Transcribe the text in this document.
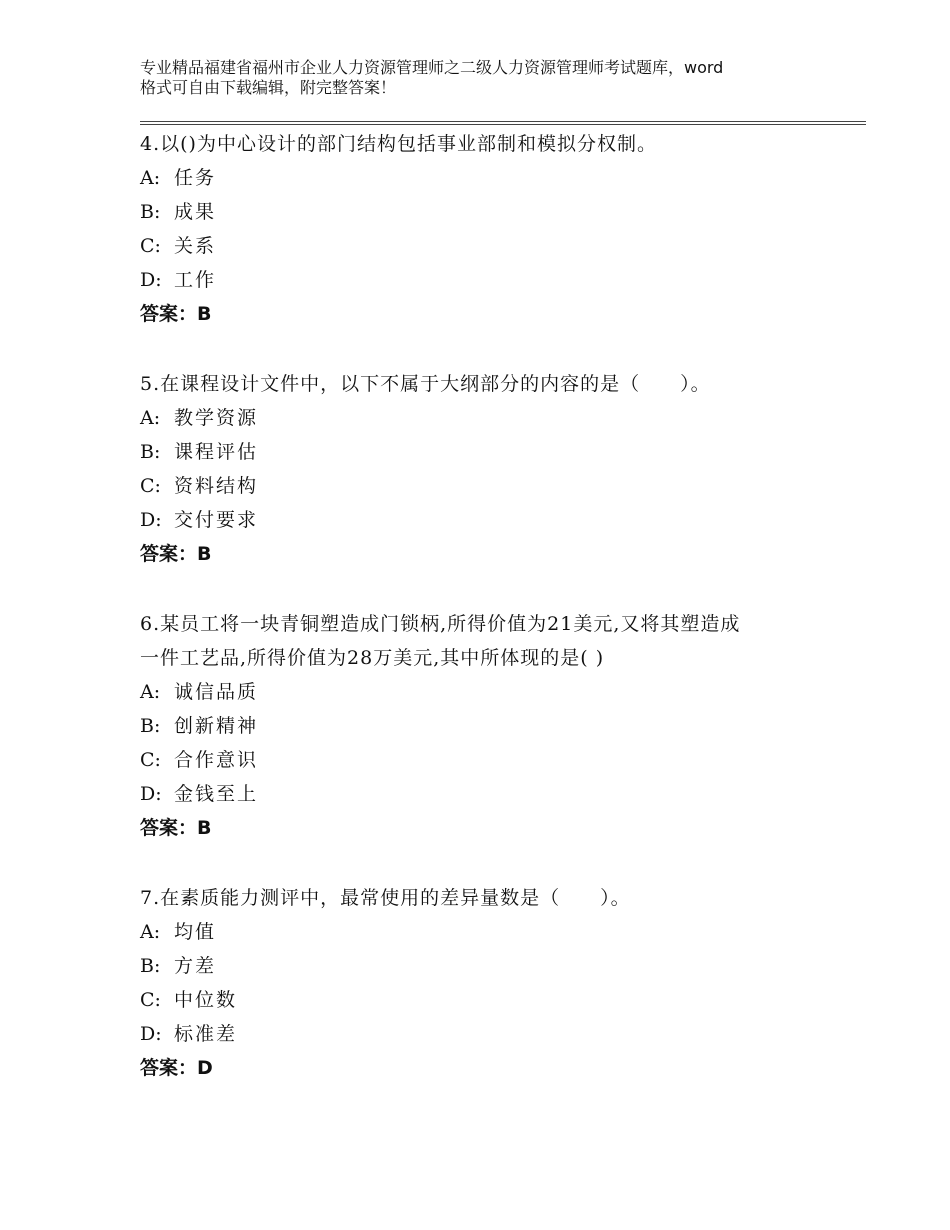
专业精品福建省福州市企业人力资源管理师之二级人力资源管理师考试题库，word
格式可自由下载编辑，附完整答案！
4.以()为中心设计的部门结构包括事业部制和模拟分权制。
A: 任务
B: 成果
C: 关系
D: 工作
答案：B
5.在课程设计文件中，以下不属于大纲部分的内容的是（　　）。
A: 教学资源
B: 课程评估
C: 资料结构
D: 交付要求
答案：B
6.某员工将一块青铜塑造成门锁柄,所得价值为21美元,又将其塑造成
一件工艺品,所得价值为28万美元,其中所体现的是( )
A: 诚信品质
B: 创新精神
C: 合作意识
D: 金钱至上
答案：B
7.在素质能力测评中，最常使用的差异量数是（　　）。
A: 均值
B: 方差
C: 中位数
D: 标准差
答案：D
